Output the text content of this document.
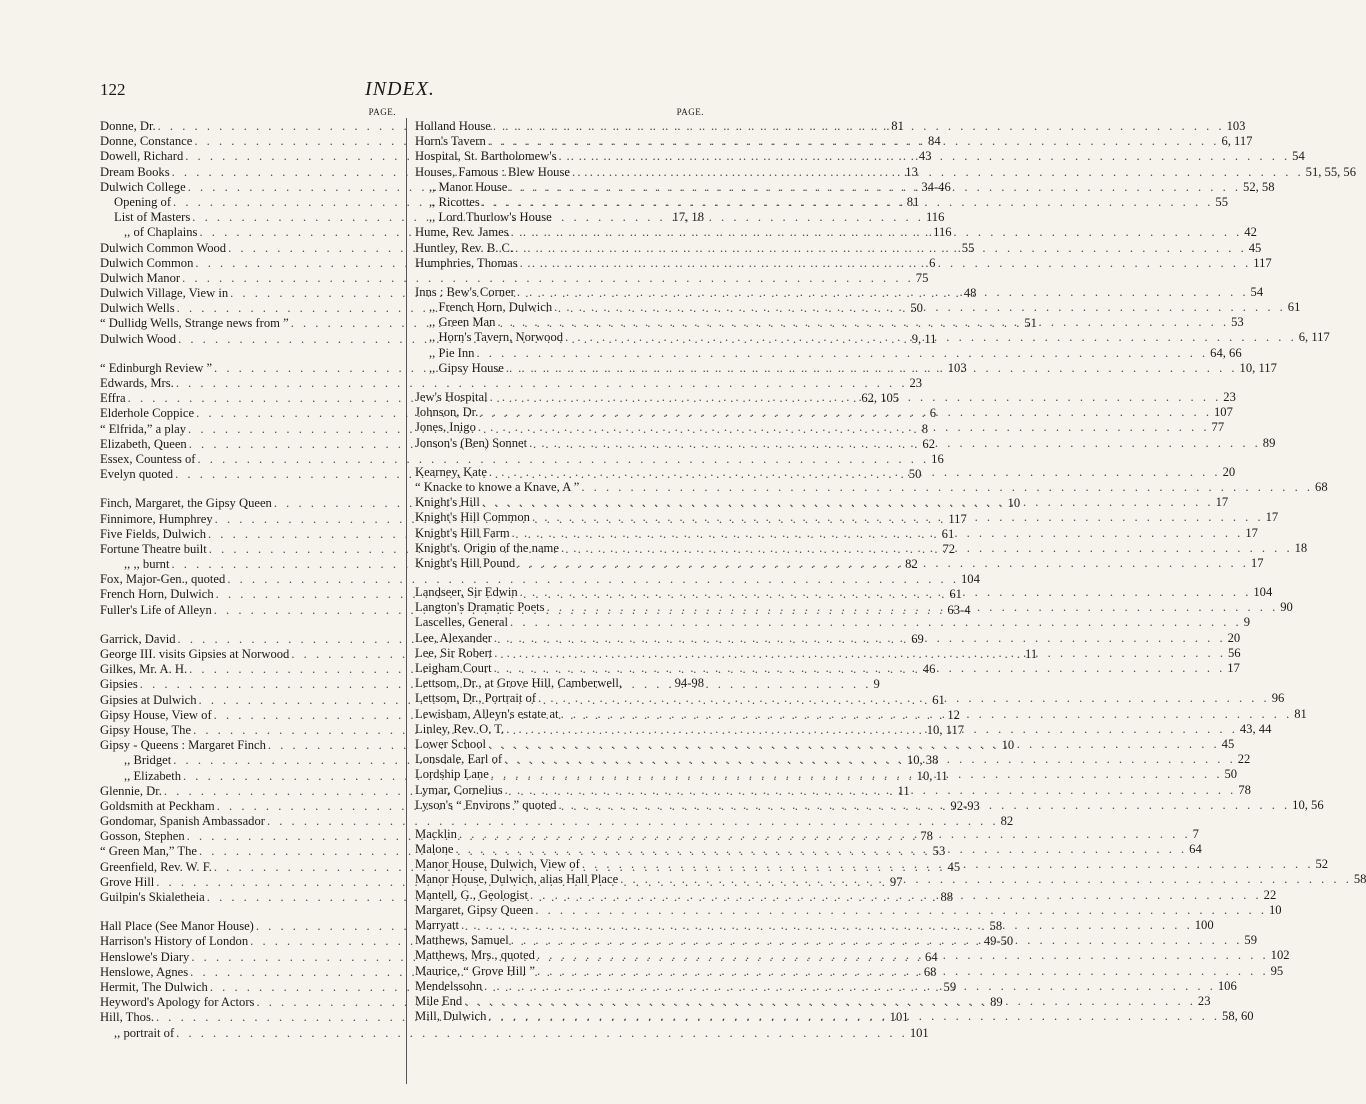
122	INDEX.
PAGE.
Donne, Dr. . . .	81
Donne, Constance . . .	84
Dowell, Richard . . .	43
Dream Books . . .	13
Dulwich College . . .	34-46
Opening of . . .	81
List of Masters . . .	116
,, of Chaplains . . .	116
Dulwich Common Wood . . .	55
Dulwich Common . . .	6
Dulwich Manor . . .	75
Dulwich Village, View in . . .	48
Dulwich Wells . . .	50
“ Dullidg Wells, Strange news from ” . . .	51
Dulwich Wood . . .	9, 11
“ Edinburgh Review ” . . .	103
Edwards, Mrs. . . .	23
Effra . . .	62, 105
Elderhole Coppice . . .	6
“ Elfrida,” a play . . .	8
Elizabeth, Queen . . .	62
Essex, Countess of . . .	16
Evelyn quoted . . .	50
Finch, Margaret, the Gipsy Queen . . .	10
Finnimore, Humphrey . . .	117
Five Fields, Dulwich . . .	61
Fortune Theatre built . . .	72
,, ,, burnt . . .	82
Fox, Major-Gen., quoted . . .	104
French Horn, Dulwich . . .	61
Fuller's Life of Alleyn . . .	63-4
Garrick, David . . .	69
George III. visits Gipsies at Norwood . . .	11
Gilkes, Mr. A. H. . . .	46
Gipsies . . .	9
Gipsies at Dulwich . . .	61
Gipsy House, View of . . .	12
Gipsy House, The . . .	10, 117
Gipsy - Queens : Margaret Finch . . .	10
,, Bridget . . .	10, 38
,, Elizabeth . . .	10, 11
Glennie, Dr. . . .	11
Goldsmith at Peckham . . .	92-93
Gondomar, Spanish Ambassador . . .	82
Gosson, Stephen . . .	78
“ Green Man,” The . . .	53
Greenfield, Rev. W. F. . . .	45
Grove Hill . . .	97
Guilpin's Skialetheia . . .	88
Hall Place (See Manor House) . . .	58
Harrison's History of London . . .	49-50
Henslowe's Diary . . .	64
Henslowe, Agnes . . .	68
Hermit, The Dulwich . . .	59
Heyword's Apology for Actors . . .	89
Hill, Thos. . . .	101
,, portrait of . . .	101
PAGE.
Holland House . . .	103
Horn's Tavern . . .	6, 117
Hospital, St. Bartholomew's . . .	54
Houses, Famous : Blew House . . .	51, 55, 56
,, Manor House . . .	52, 58
,, Ricottes . . .	55
,, Lord Thurlow's House	17, 18
Hume, Rev. James . . .	42
Huntley, Rev. B. C. . . .	45
Humphries, Thomas . . .	117
Inns : Bew's Corner . . .	54
,, French Horn, Dulwich . . .	61
,, Green Man . . .	53
,, Horn's Tavern, Norwood . . .	6, 117
,, Pie Inn . . .	64, 66
,, Gipsy House . . .	10, 117
Jew's Hospital . . .	23
Johnson, Dr. . . .	107
Jones, Inigo . . .	77
Jonson's (Ben) Sonnet . . .	89
Kearney, Kate . . .	20
“ Knacke to knowe a Knave, A ” . . .	68
Knight's Hill . . .	17
Knight's Hill Common . . .	17
Knight's Hill Farm . . .	17
Knight's. Origin of the name . . .	18
Knight's Hill Pound . . .	17
Landseer, Sir Edwin . . .	104
Langton's Dramatic Poets . . .	90
Lascelles, General . . .	9
Lee, Alexander . . .	20
Lee, Sir Robert . . .	56
Leigham Court . . .	17
Lettsom, Dr., at Grove Hill, Camberwell,	94-98
Lettsom, Dr., Portrait of . . .	96
Lewisham, Alleyn's estate at . . .	81
Linley, Rev. O. T. . . .	43, 44
Lower School . . .	45
Lonsdale, Earl of . . .	22
Lordship Lane . . .	50
Lymar, Cornelius . . .	78
Lyson's “ Environs ” quoted . . .	10, 56
Macklin . . .	7
Malone . . .	64
Manor House, Dulwich, View of . . .	52
Manor House, Dulwich, alias Hall Place . . .	58
Mantell, G., Geologist . . .	22
Margaret, Gipsy Queen . . .	10
Marryatt . . .	100
Matthews, Samuel . . .	59
Matthews, Mrs., quoted . . .	102
Maurice, “ Grove Hill ” . . .	95
Mendelssohn . . .	106
Mile End . . .	23
Mill, Dulwich . . .	58, 60
